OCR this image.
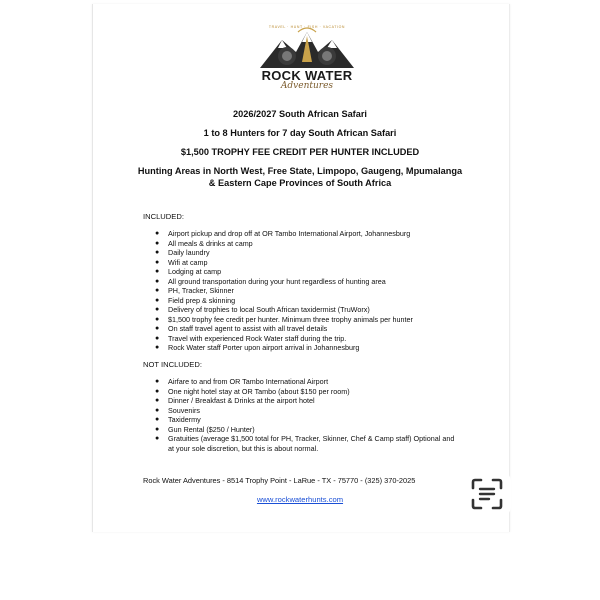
TRAVEL · HUNT · FISH · VACATION
ROCK WATER
Adventures
2026/2027 South African Safari
1 to 8 Hunters for 7 day South African Safari
$1,500 TROPHY FEE CREDIT PER HUNTER INCLUDED
Hunting Areas in North West, Free State, Limpopo, Gaugeng, Mpumalanga
& Eastern Cape Provinces of South Africa
INCLUDED:
● Airport pickup and drop off at OR Tambo International Airport, Johannesburg
● All meals & drinks at camp
● Daily laundry
● Wifi at camp
● Lodging at camp
● All ground transportation during your hunt regardless of hunting area
● PH, Tracker, Skinner
● Field prep & skinning
● Delivery of trophies to local South African taxidermist (TruWorx)
● $1,500 trophy fee credit per hunter. Minimum three trophy animals per hunter
● On staff travel agent to assist with all travel details
● Travel with experienced Rock Water staff during the trip.
● Rock Water staff Porter upon airport arrival in Johannesburg
NOT INCLUDED:
● Airfare to and from OR Tambo International Airport
● One night hotel stay at OR Tambo (about $150 per room)
● Dinner / Breakfast & Drinks at the airport hotel
● Souvenirs
● Taxidermy
● Gun Rental ($250 / Hunter)
● Gratuities (average $1,500 total for PH, Tracker, Skinner, Chef & Camp staff) Optional and
at your sole discretion, but this is about normal.
Rock Water Adventures - 8514 Trophy Point - LaRue - TX - 75770 - (325) 370-2025
www.rockwaterhunts.com
